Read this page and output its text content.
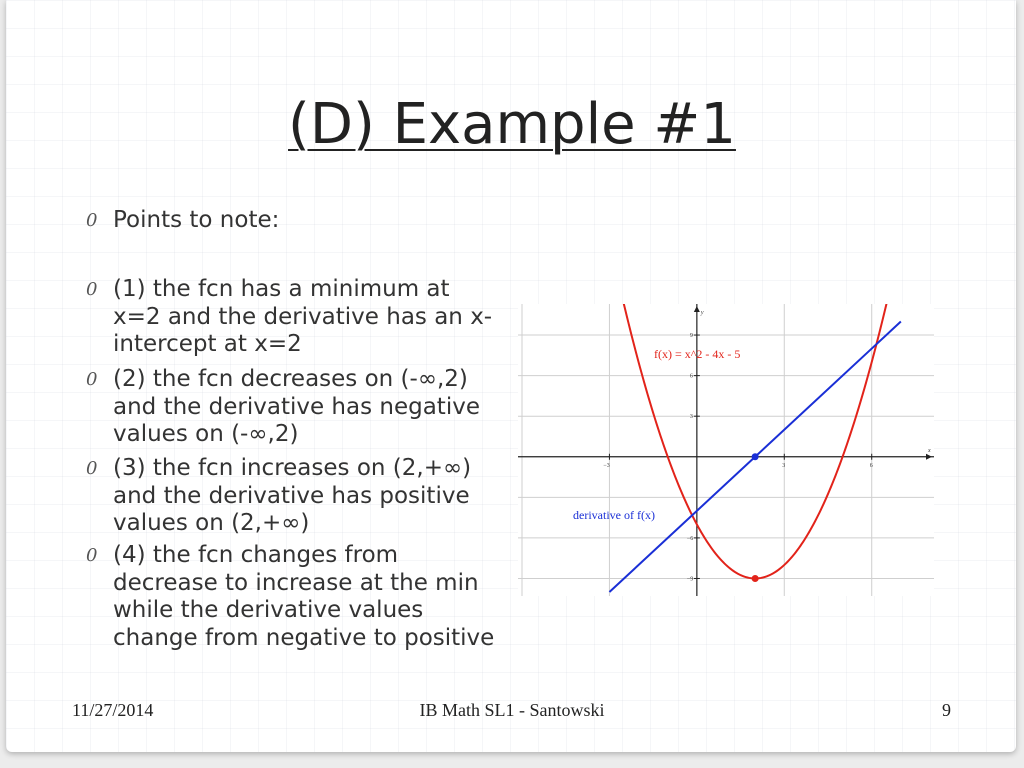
(D) Example #1
0 Points to note:
0 (1) the fcn has a minimum at x=2 and the derivative has an x-intercept at x=2
0 (2) the fcn decreases on (-∞,2) and the derivative has negative values on (-∞,2)
0 (3) the fcn increases on (2,+∞) and the derivative has positive values on (2,+∞)
0 (4) the fcn changes from decrease to increase at the min while the derivative values change from negative to positive
x
y
−3	3	6
9
6
3
−6
−9
f(x) = x^2 - 4x - 5
derivative of f(x)
11/27/2014	IB Math SL1 - Santowski	9
